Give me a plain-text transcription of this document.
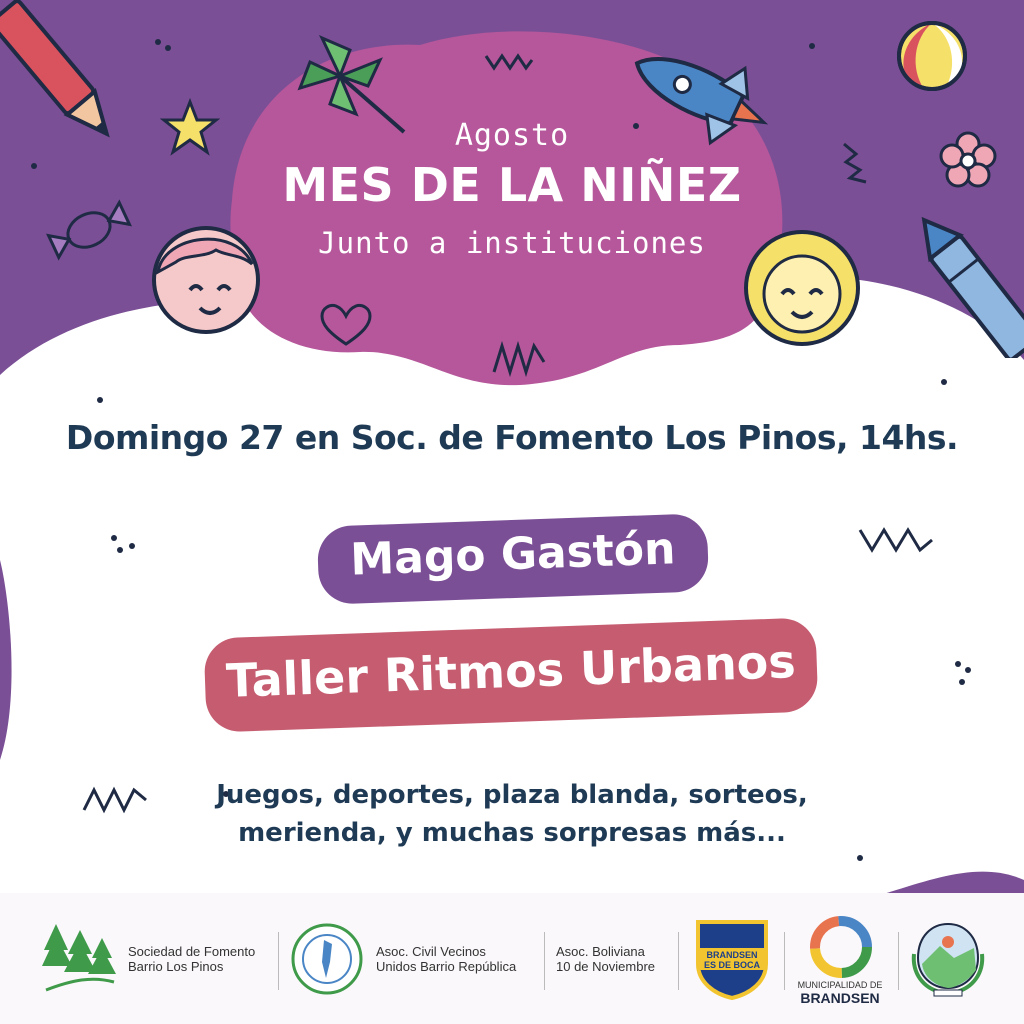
Agosto
MES DE LA NIÑEZ
Junto a instituciones
Domingo 27 en Soc. de Fomento Los Pinos, 14hs.
Mago Gastón
Taller Ritmos Urbanos
Juegos, deportes, plaza blanda, sorteos,
merienda, y muchas sorpresas más...
Sociedad de Fomento
Barrio Los Pinos
Asoc. Civil Vecinos
Unidos Barrio República
Asoc. Boliviana
10 de Noviembre
BRANDSEN
ES DE BOCA
MUNICIPALIDAD DE
BRANDSEN
